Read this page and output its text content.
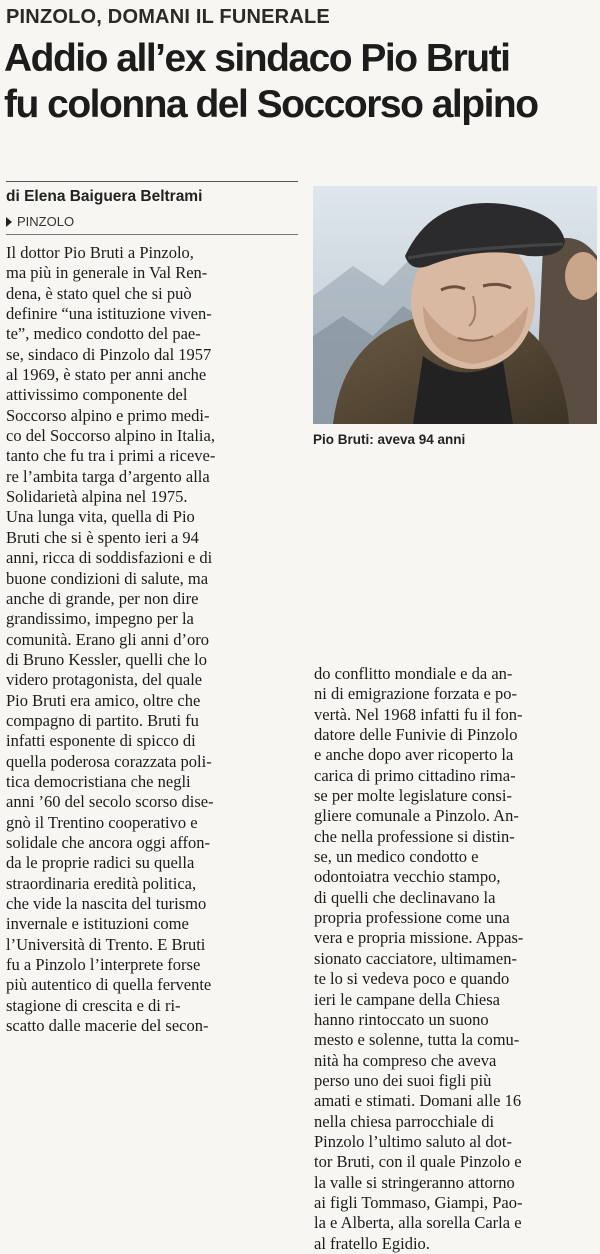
PINZOLO, DOMANI IL FUNERALE
Addio all’ex sindaco Pio Bruti
fu colonna del Soccorso alpino
di Elena Baiguera Beltrami
PINZOLO
Il dottor Pio Bruti a Pinzolo,
ma più in generale in Val Ren-
dena, è stato quel che si può
definire “una istituzione viven-
te”, medico condotto del pae-
se, sindaco di Pinzolo dal 1957
al 1969, è stato per anni anche
attivissimo componente del
Soccorso alpino e primo medi-
co del Soccorso alpino in Italia,
tanto che fu tra i primi a riceve-
re l’ambita targa d’argento alla
Solidarietà alpina nel 1975.
Una lunga vita, quella di Pio
Bruti che si è spento ieri a 94
anni, ricca di soddisfazioni e di
buone condizioni di salute, ma
anche di grande, per non dire
grandissimo, impegno per la
comunità. Erano gli anni d’oro
di Bruno Kessler, quelli che lo
videro protagonista, del quale
Pio Bruti era amico, oltre che
compagno di partito. Bruti fu
infatti esponente di spicco di
quella poderosa corazzata poli-
tica democristiana che negli
anni ’60 del secolo scorso dise-
gnò il Trentino cooperativo e
solidale che ancora oggi affon-
da le proprie radici su quella
straordinaria eredità politica,
che vide la nascita del turismo
invernale e istituzioni come
l’Università di Trento. E Bruti
fu a Pinzolo l’interprete forse
più autentico di quella fervente
stagione di crescita e di ri-
scatto dalle macerie del secon-
Pio Bruti: aveva 94 anni
do conflitto mondiale e da an-
ni di emigrazione forzata e po-
vertà. Nel 1968 infatti fu il fon-
datore delle Funivie di Pinzolo
e anche dopo aver ricoperto la
carica di primo cittadino rima-
se per molte legislature consi-
gliere comunale a Pinzolo. An-
che nella professione si distin-
se, un medico condotto e
odontoiatra vecchio stampo,
di quelli che declinavano la
propria professione come una
vera e propria missione. Appas-
sionato cacciatore, ultimamen-
te lo si vedeva poco e quando
ieri le campane della Chiesa
hanno rintoccato un suono
mesto e solenne, tutta la comu-
nità ha compreso che aveva
perso uno dei suoi figli più
amati e stimati. Domani alle 16
nella chiesa parrocchiale di
Pinzolo l’ultimo saluto al dot-
tor Bruti, con il quale Pinzolo e
la valle si stringeranno attorno
ai figli Tommaso, Giampi, Pao-
la e Alberta, alla sorella Carla e
al fratello Egidio.
